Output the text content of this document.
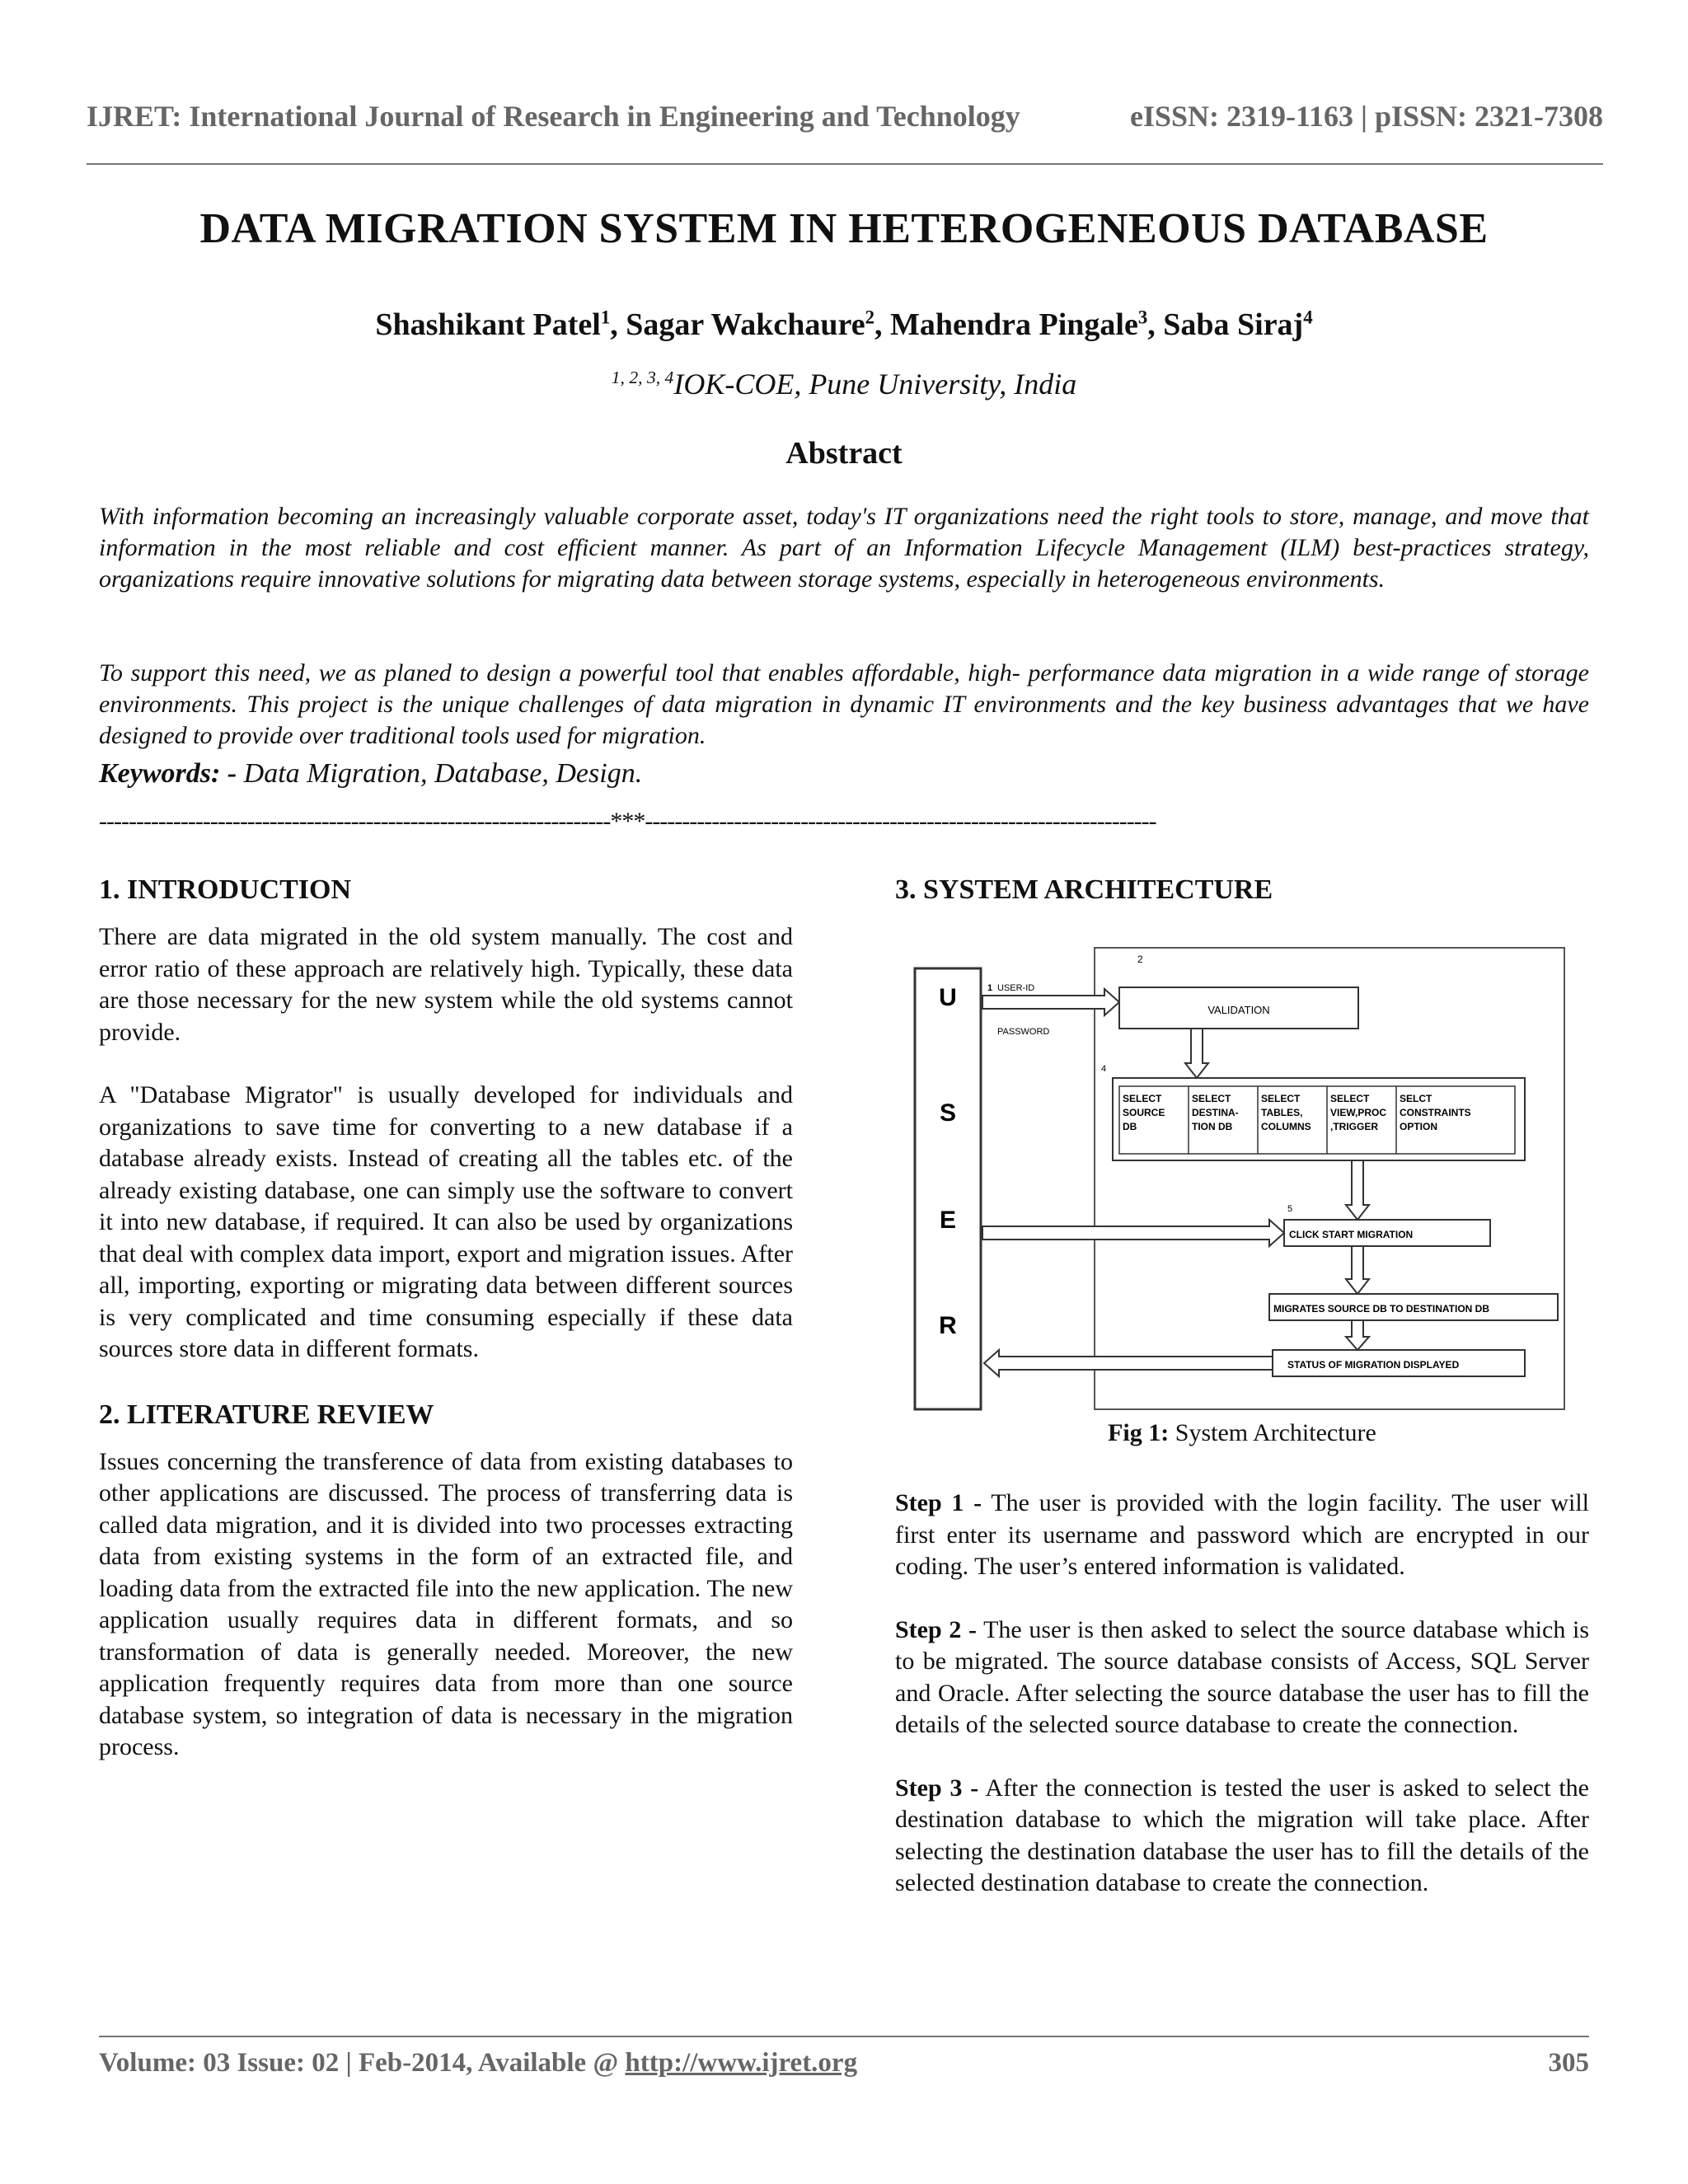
IJRET: International Journal of Research in Engineering and Technology	eISSN: 2319-1163 | pISSN: 2321-7308
DATA MIGRATION SYSTEM IN HETEROGENEOUS DATABASE
Shashikant Patel$^1$, Sagar Wakchaure$^2$, Mahendra Pingale$^3$, Saba Siraj$^4$
$^{1, 2, 3, 4}$IOK-COE, Pune University, India
Abstract

With information becoming an increasingly valuable corporate asset, today's IT organizations need the right tools to store, manage, and move that information in the most reliable and cost efficient manner. As part of an Information Lifecycle Management (ILM) best-practices strategy, organizations require innovative solutions for migrating data between storage systems, especially in heterogeneous environments.

To support this need, we as planed to design a powerful tool that enables affordable, high- performance data migration in a wide range of storage environments. This project is the unique challenges of data migration in dynamic IT environments and the key business advantages that we have designed to provide over traditional tools used for migration.

Keywords: - Data Migration, Database, Design.
---------------------------------------------------------------------***---------------------------------------------------------------------
1. INTRODUCTION

There are data migrated in the old system manually. The cost and error ratio of these approach are relatively high. Typically, these data are those necessary for the new system while the old systems cannot provide.

A "Database Migrator" is usually developed for individuals and organizations to save time for converting to a new database if a database already exists. Instead of creating all the tables etc. of the already existing database, one can simply use the software to convert it into new database, if required. It can also be used by organizations that deal with complex data import, export and migration issues. After all, importing, exporting or migrating data between different sources is very complicated and time consuming especially if these data sources store data in different formats.

2. LITERATURE REVIEW

Issues concerning the transference of data from existing databases to other applications are discussed. The process of transferring data is called data migration, and it is divided into two processes extracting data from existing systems in the form of an extracted file, and loading data from the extracted file into the new application. The new application usually requires data in different formats, and so transformation of data is generally needed. Moreover, the new application frequently requires data from more than one source database system, so integration of data is necessary in the migration process.

3. SYSTEM ARCHITECTURE
U
S
E
R
1 USER-ID
PASSWORD
2
VALIDATION
4
SELECT
SOURCE
DB
SELECT
DESTINA-
TION DB
SELECT
TABLES,
COLUMNS
SELECT
VIEW,PROC
,TRIGGER
SELCT
CONSTRAINTS
OPTION
5
CLICK START MIGRATION
MIGRATES SOURCE DB TO DESTINATION DB
STATUS OF MIGRATION DISPLAYED
Fig 1: System Architecture

Step 1 - The user is provided with the login facility. The user will first enter its username and password which are encrypted in our coding. The user’s entered information is validated.

Step 2 - The user is then asked to select the source database which is to be migrated. The source database consists of Access, SQL Server and Oracle. After selecting the source database the user has to fill the details of the selected source database to create the connection.

Step 3 - After the connection is tested the user is asked to select the destination database to which the migration will take place. After selecting the destination database the user has to fill the details of the selected destination database to create the connection.

Volume: 03 Issue: 02 | Feb-2014, Available @ http://www.ijret.org	305
